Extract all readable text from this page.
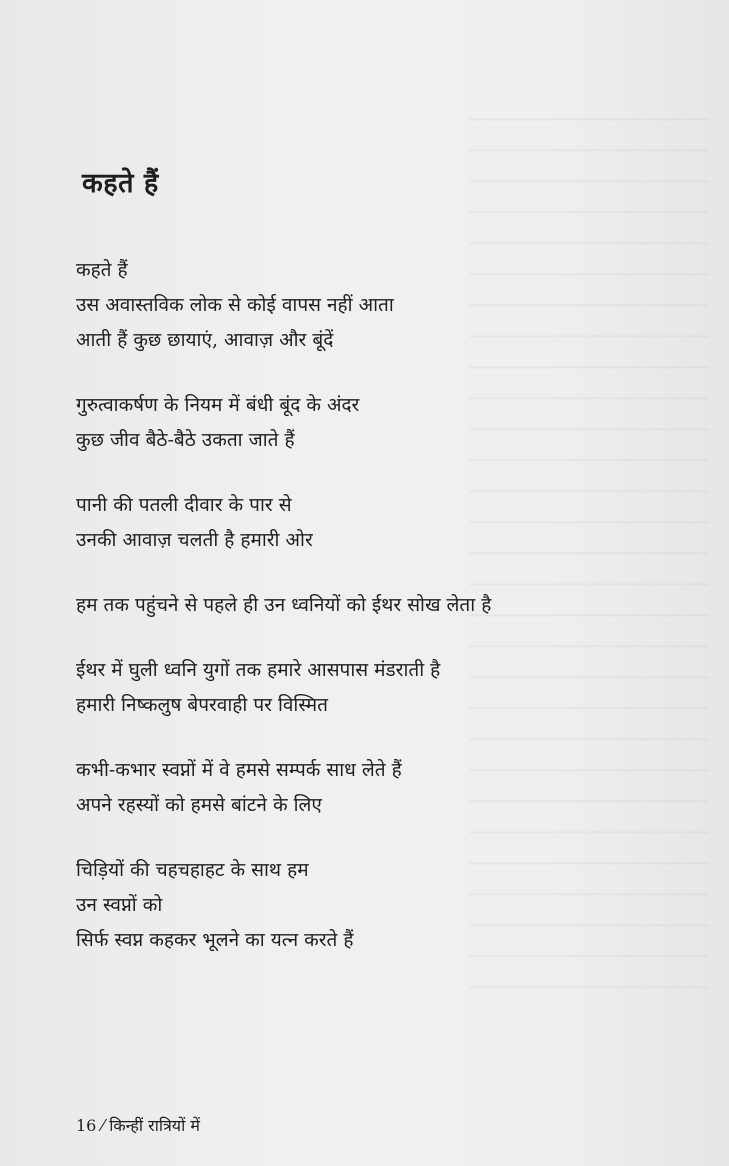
कहते हैं
कहते हैं
उस अवास्तविक लोक से कोई वापस नहीं आता
आती हैं कुछ छायाएं, आवाज़ और बूंदें
गुरुत्वाकर्षण के नियम में बंधी बूंद के अंदर
कुछ जीव बैठे-बैठे उकता जाते हैं
पानी की पतली दीवार के पार से
उनकी आवाज़ चलती है हमारी ओर
हम तक पहुंचने से पहले ही उन ध्वनियों को ईथर सोख लेता है
ईथर में घुली ध्वनि युगों तक हमारे आसपास मंडराती है
हमारी निष्कलुष बेपरवाही पर विस्मित
कभी-कभार स्वप्नों में वे हमसे सम्पर्क साध लेते हैं
अपने रहस्यों को हमसे बांटने के लिए
चिड़ियों की चहचहाहट के साथ हम
उन स्वप्नों को
सिर्फ स्वप्न कहकर भूलने का यत्न करते हैं
16 ⁄ किन्हीं रात्रियों में
